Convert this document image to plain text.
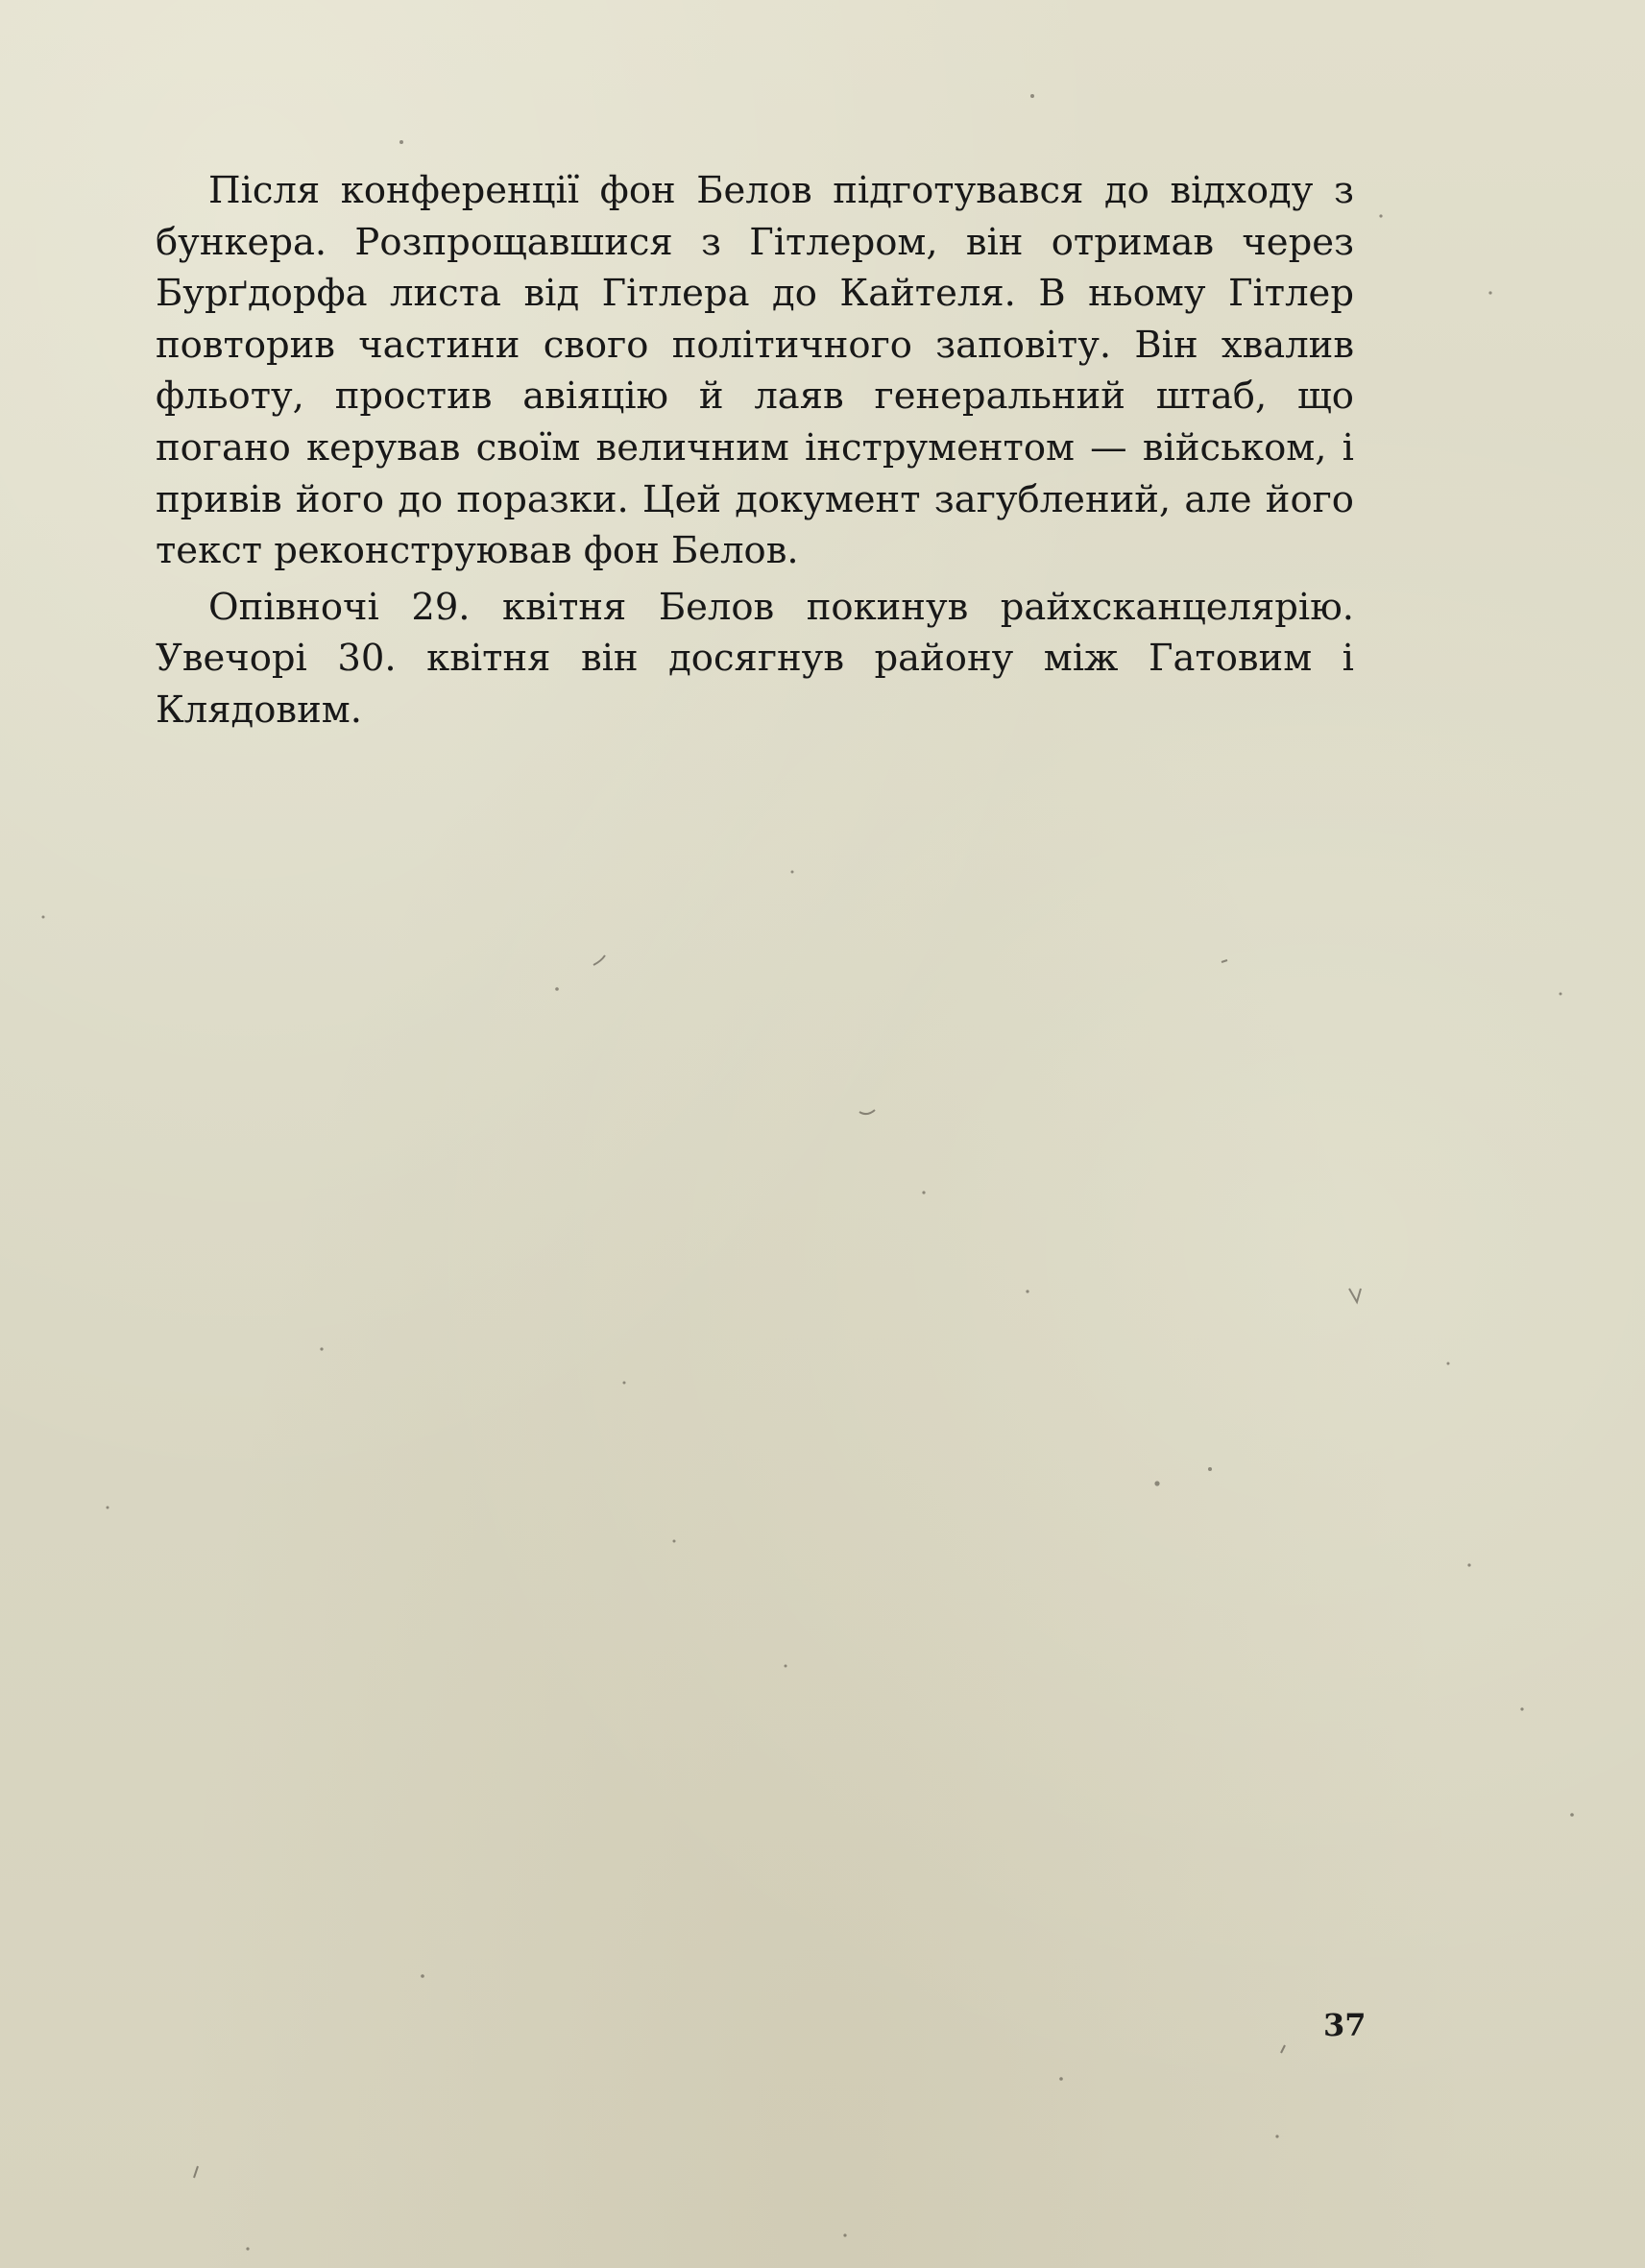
Після конференції фон Белов підготувався до відходу з бункера. Розпрощавшися з Гітлером, він отримав через Бурґдорфа листа від Гітлера до Кайтеля. В ньому Гітлер повторив частини свого політичного заповіту. Він хвалив фльоту, простив авіяцію й лаяв генеральний штаб, що погано керував своїм величним інструментом — військом, і привів його до поразки. Цей документ загублений, але його текст реконструював фон Белов.

Опівночі 29. квітня Белов покинув райхсканцелярію. Увечорі 30. квітня він досягнув району між Гатовим і Клядовим.

37
